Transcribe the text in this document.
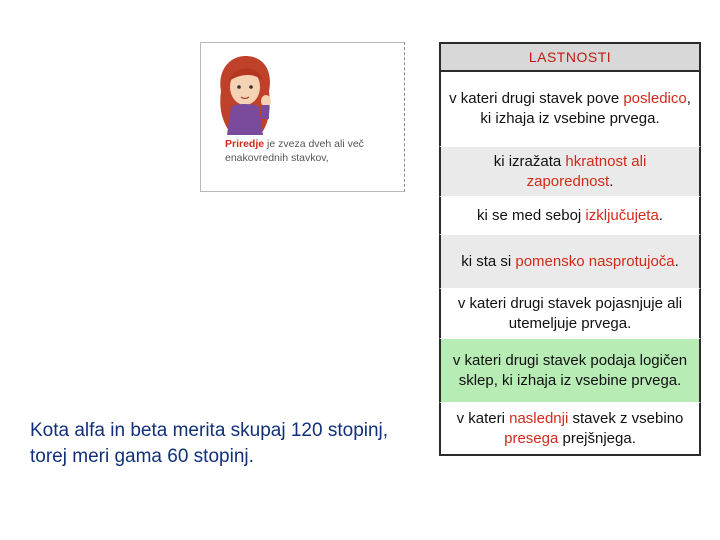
Priredje je zveza dveh ali več enakovrednih stavkov,
LASTNOSTI
v kateri drugi stavek pove posledico, ki izhaja iz vsebine prvega.
ki izražata hkratnost ali zaporednost.
ki se med seboj izključujeta.
ki sta si pomensko nasprotujoča.
v kateri drugi stavek pojasnjuje ali utemeljuje prvega.
v kateri drugi stavek podaja logičen sklep, ki izhaja iz vsebine prvega.
v kateri naslednji stavek z vsebino presega prejšnjega.
Kota alfa in beta merita skupaj 120 stopinj, torej meri gama 60 stopinj.
